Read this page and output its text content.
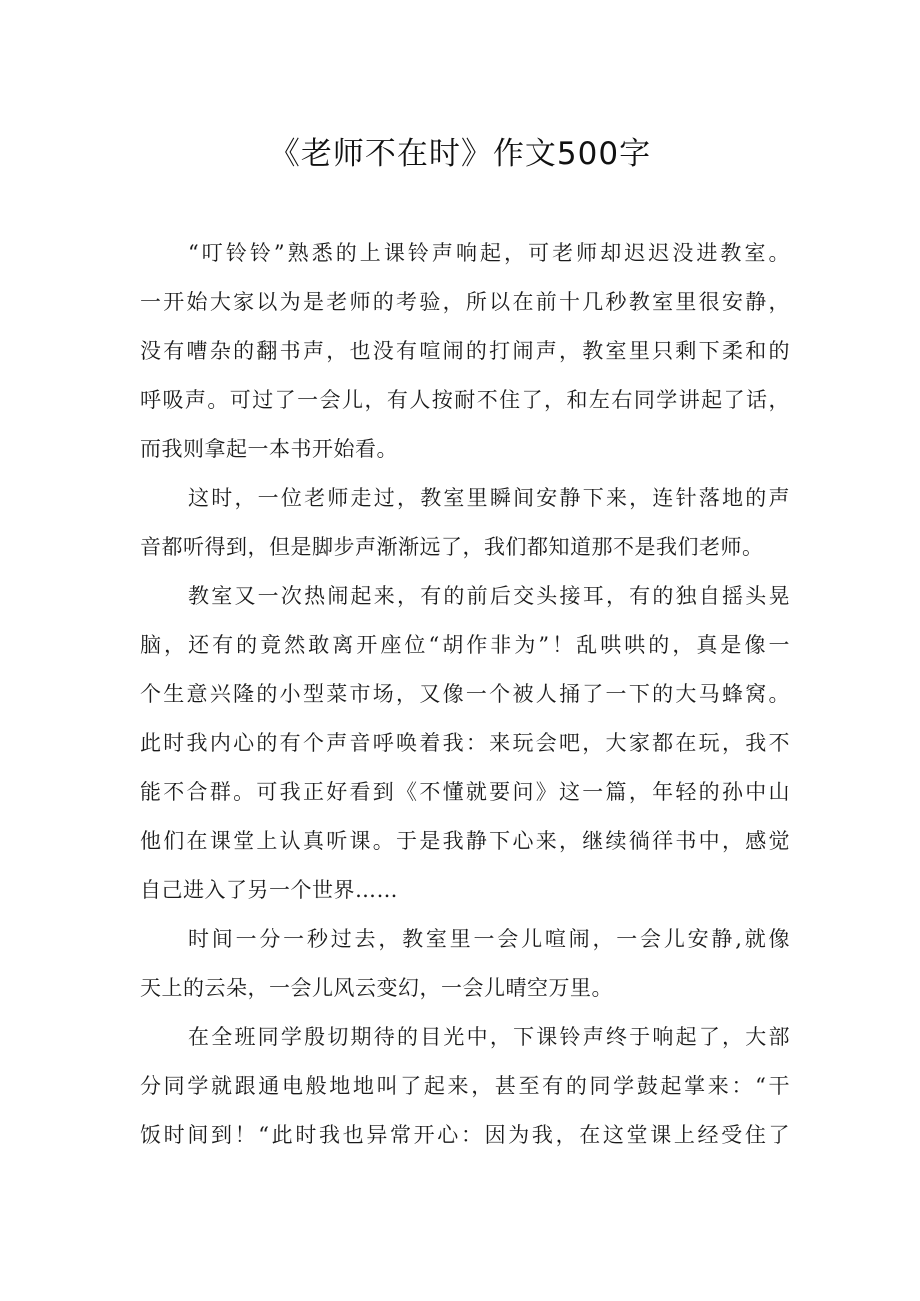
《老师不在时》作文500字
“叮铃铃”熟悉的上课铃声响起，可老师却迟迟没进教室。
一开始大家以为是老师的考验，所以在前十几秒教室里很安静，
没有嘈杂的翻书声，也没有喧闹的打闹声，教室里只剩下柔和的
呼吸声。可过了一会儿，有人按耐不住了，和左右同学讲起了话，
而我则拿起一本书开始看。
这时，一位老师走过，教室里瞬间安静下来，连针落地的声
音都听得到，但是脚步声渐渐远了，我们都知道那不是我们老师。
教室又一次热闹起来，有的前后交头接耳，有的独自摇头晃
脑，还有的竟然敢离开座位“胡作非为”！乱哄哄的，真是像一
个生意兴隆的小型菜市场，又像一个被人捅了一下的大马蜂窝。
此时我内心的有个声音呼唤着我：来玩会吧，大家都在玩，我不
能不合群。可我正好看到《不懂就要问》这一篇，年轻的孙中山
他们在课堂上认真听课。于是我静下心来，继续徜徉书中，感觉
自己进入了另一个世界……
时间一分一秒过去，教室里一会儿喧闹，一会儿安静,就像
天上的云朵，一会儿风云变幻，一会儿晴空万里。
在全班同学殷切期待的目光中，下课铃声终于响起了，大部
分同学就跟通电般地地叫了起来，甚至有的同学鼓起掌来：“干
饭时间到！“此时我也异常开心：因为我，在这堂课上经受住了
